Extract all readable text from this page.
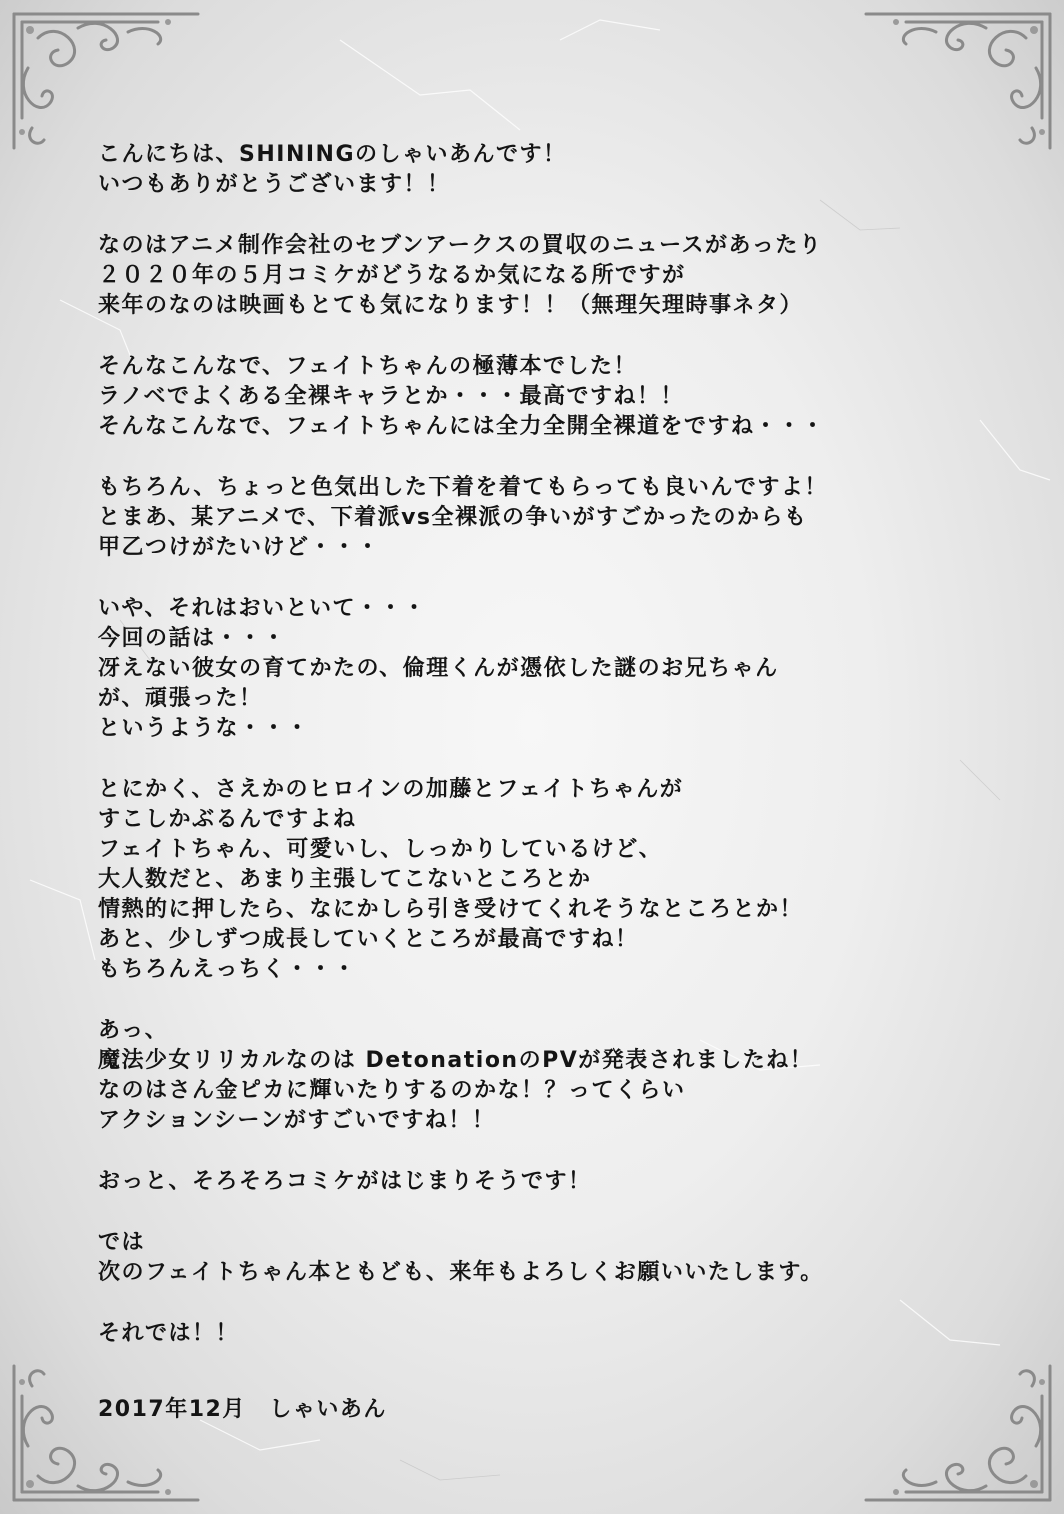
こんにちは、SHININGのしゃいあんです！
いつもありがとうございます！！
なのはアニメ制作会社のセブンアークスの買収のニュースがあったり
２０２０年の５月コミケがどうなるか気になる所ですが
来年のなのは映画もとても気になります！！（無理矢理時事ネタ）
そんなこんなで、フェイトちゃんの極薄本でした！
ラノベでよくある全裸キャラとか・・・最高ですね！！
そんなこんなで、フェイトちゃんには全力全開全裸道をですね・・・
もちろん、ちょっと色気出した下着を着てもらっても良いんですよ！
とまあ、某アニメで、下着派vs全裸派の争いがすごかったのからも
甲乙つけがたいけど・・・
いや、それはおいといて・・・
今回の話は・・・
冴えない彼女の育てかたの、倫理くんが憑依した謎のお兄ちゃん
が、頑張った！
というような・・・
とにかく、さえかのヒロインの加藤とフェイトちゃんが
すこしかぶるんですよね
フェイトちゃん、可愛いし、しっかりしているけど、
大人数だと、あまり主張してこないところとか
情熱的に押したら、なにかしら引き受けてくれそうなところとか！
あと、少しずつ成長していくところが最高ですね！
もちろんえっちく・・・
あっ、
魔法少女リリカルなのは DetonationのPVが発表されましたね！
なのはさん金ピカに輝いたりするのかな！？ってくらい
アクションシーンがすごいですね！！
おっと、そろそろコミケがはじまりそうです！
では
次のフェイトちゃん本ともども、来年もよろしくお願いいたします。
それでは！！
2017年12月　しゃいあん
